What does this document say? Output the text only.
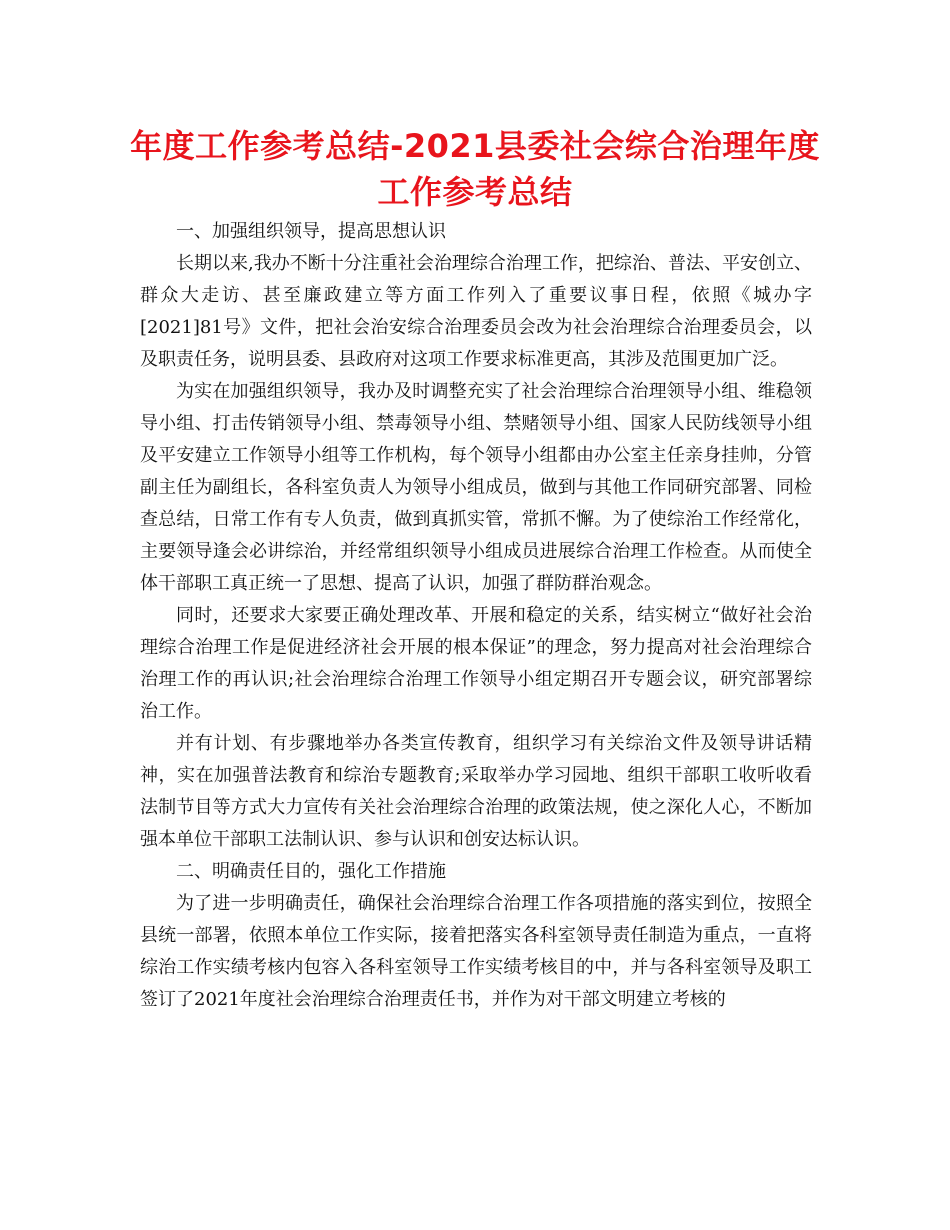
年度工作参考总结-2021县委社会综合治理年度
工作参考总结

一、加强组织领导，提高思想认识

长期以来,我办不断十分注重社会治理综合治理工作，把综治、普法、平安创立、群众大走访、甚至廉政建立等方面工作列入了重要议事日程，依照《城办字[2021]81号》文件，把社会治安综合治理委员会改为社会治理综合治理委员会，以及职责任务，说明县委、县政府对这项工作要求标准更高，其涉及范围更加广泛。

为实在加强组织领导，我办及时调整充实了社会治理综合治理领导小组、维稳领导小组、打击传销领导小组、禁毒领导小组、禁赌领导小组、国家人民防线领导小组及平安建立工作领导小组等工作机构，每个领导小组都由办公室主任亲身挂帅，分管副主任为副组长，各科室负责人为领导小组成员，做到与其他工作同研究部署、同检查总结，日常工作有专人负责，做到真抓实管，常抓不懈。为了使综治工作经常化，主要领导逢会必讲综治，并经常组织领导小组成员进展综合治理工作检查。从而使全体干部职工真正统一了思想、提高了认识，加强了群防群治观念。

同时，还要求大家要正确处理改革、开展和稳定的关系，结实树立“做好社会治理综合治理工作是促进经济社会开展的根本保证”的理念，努力提高对社会治理综合治理工作的再认识;社会治理综合治理工作领导小组定期召开专题会议，研究部署综治工作。

并有计划、有步骤地举办各类宣传教育，组织学习有关综治文件及领导讲话精神，实在加强普法教育和综治专题教育;采取举办学习园地、组织干部职工收听收看法制节目等方式大力宣传有关社会治理综合治理的政策法规，使之深化人心，不断加强本单位干部职工法制认识、参与认识和创安达标认识。

二、明确责任目的，强化工作措施

为了进一步明确责任，确保社会治理综合治理工作各项措施的落实到位，按照全县统一部署，依照本单位工作实际，接着把落实各科室领导责任制造为重点，一直将综治工作实绩考核内包容入各科室领导工作实绩考核目的中，并与各科室领导及职工签订了2021年度社会治理综合治理责任书，并作为对干部文明建立考核的
